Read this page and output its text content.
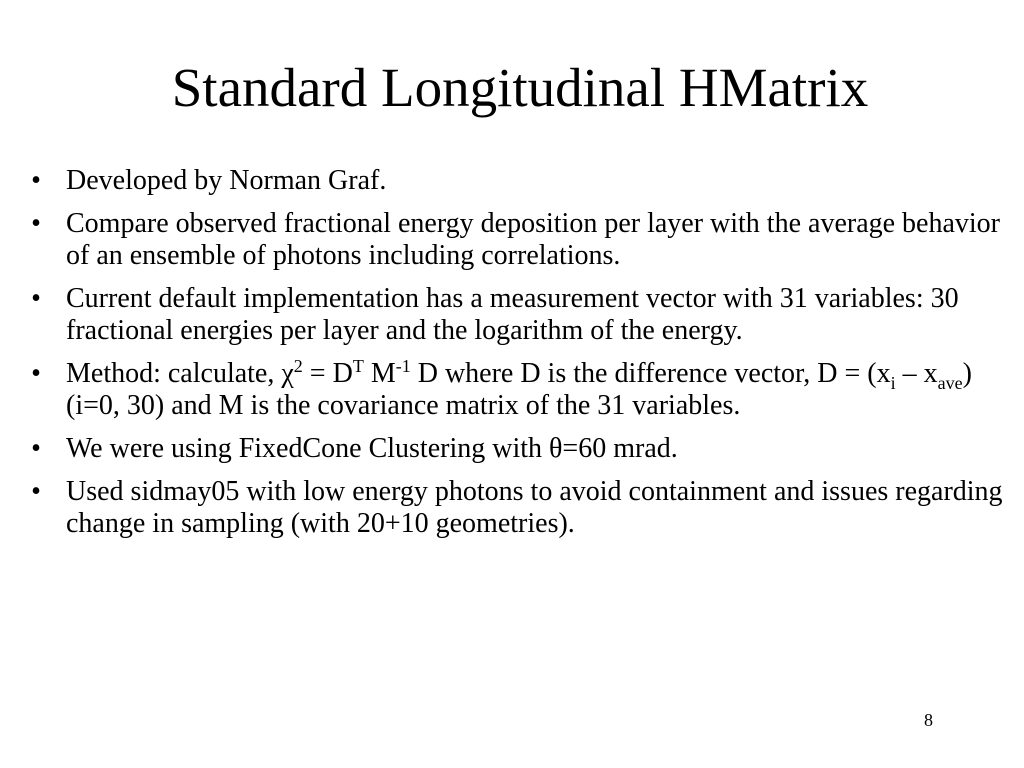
Standard Longitudinal HMatrix
• Developed by Norman Graf.
• Compare observed fractional energy deposition per layer with the average behavior of an ensemble of photons including correlations.
• Current default implementation has a measurement vector with 31 variables: 30 fractional energies per layer and the logarithm of the energy.
• Method: calculate, $\chi^2 = D^T$ $M^{-1}$ D where D is the difference vector, $D = (x_i - x_{ave})$ (i=0, 30) and M is the covariance matrix of the 31 variables.
• We were using FixedCone Clustering with θ=60 mrad.
• Used sidmay05 with low energy photons to avoid containment and issues regarding change in sampling (with 20+10 geometries).
8
